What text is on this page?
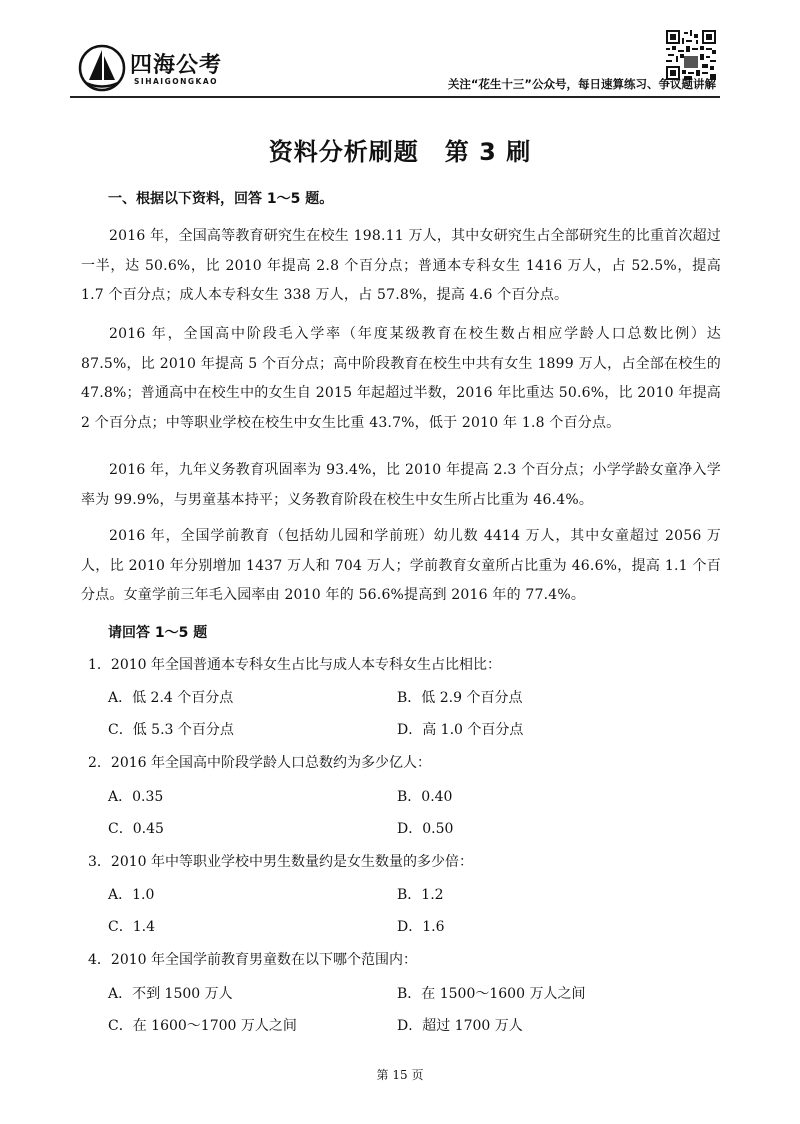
四海公考
SIHAIGONGKAO	关注“花生十三”公众号，每日速算练习、争议题讲解
资料分析刷题 第 3 刷
一、根据以下资料，回答 1～5 题。
2016 年，全国高等教育研究生在校生 198.11 万人，其中女研究生占全部研究生的比重首次超过一半，达 50.6%，比 2010 年提高 2.8 个百分点；普通本专科女生 1416 万人，占 52.5%，提高 1.7 个百分点；成人本专科女生 338 万人，占 57.8%，提高 4.6 个百分点。
2016 年，全国高中阶段毛入学率（年度某级教育在校生数占相应学龄人口总数比例）达 87.5%，比 2010 年提高 5 个百分点；高中阶段教育在校生中共有女生 1899 万人，占全部在校生的 47.8%；普通高中在校生中的女生自 2015 年起超过半数，2016 年比重达 50.6%，比 2010 年提高 2 个百分点；中等职业学校在校生中女生比重 43.7%，低于 2010 年 1.8 个百分点。
2016 年，九年义务教育巩固率为 93.4%，比 2010 年提高 2.3 个百分点；小学学龄女童净入学率为 99.9%，与男童基本持平；义务教育阶段在校生中女生所占比重为 46.4%。
2016 年，全国学前教育（包括幼儿园和学前班）幼儿数 4414 万人，其中女童超过 2056 万人，比 2010 年分别增加 1437 万人和 704 万人；学前教育女童所占比重为 46.6%，提高 1.1 个百分点。女童学前三年毛入园率由 2010 年的 56.6%提高到 2016 年的 77.4%。
请回答 1～5 题
1．2010 年全国普通本专科女生占比与成人本专科女生占比相比：
A．低 2.4 个百分点	B．低 2.9 个百分点
C．低 5.3 个百分点	D．高 1.0 个百分点
2．2016 年全国高中阶段学龄人口总数约为多少亿人：
A．0.35	B．0.40
C．0.45	D．0.50
3．2010 年中等职业学校中男生数量约是女生数量的多少倍：
A．1.0	B．1.2
C．1.4	D．1.6
4．2010 年全国学前教育男童数在以下哪个范围内：
A．不到 1500 万人	B．在 1500～1600 万人之间
C．在 1600～1700 万人之间	D．超过 1700 万人
第 15 页
